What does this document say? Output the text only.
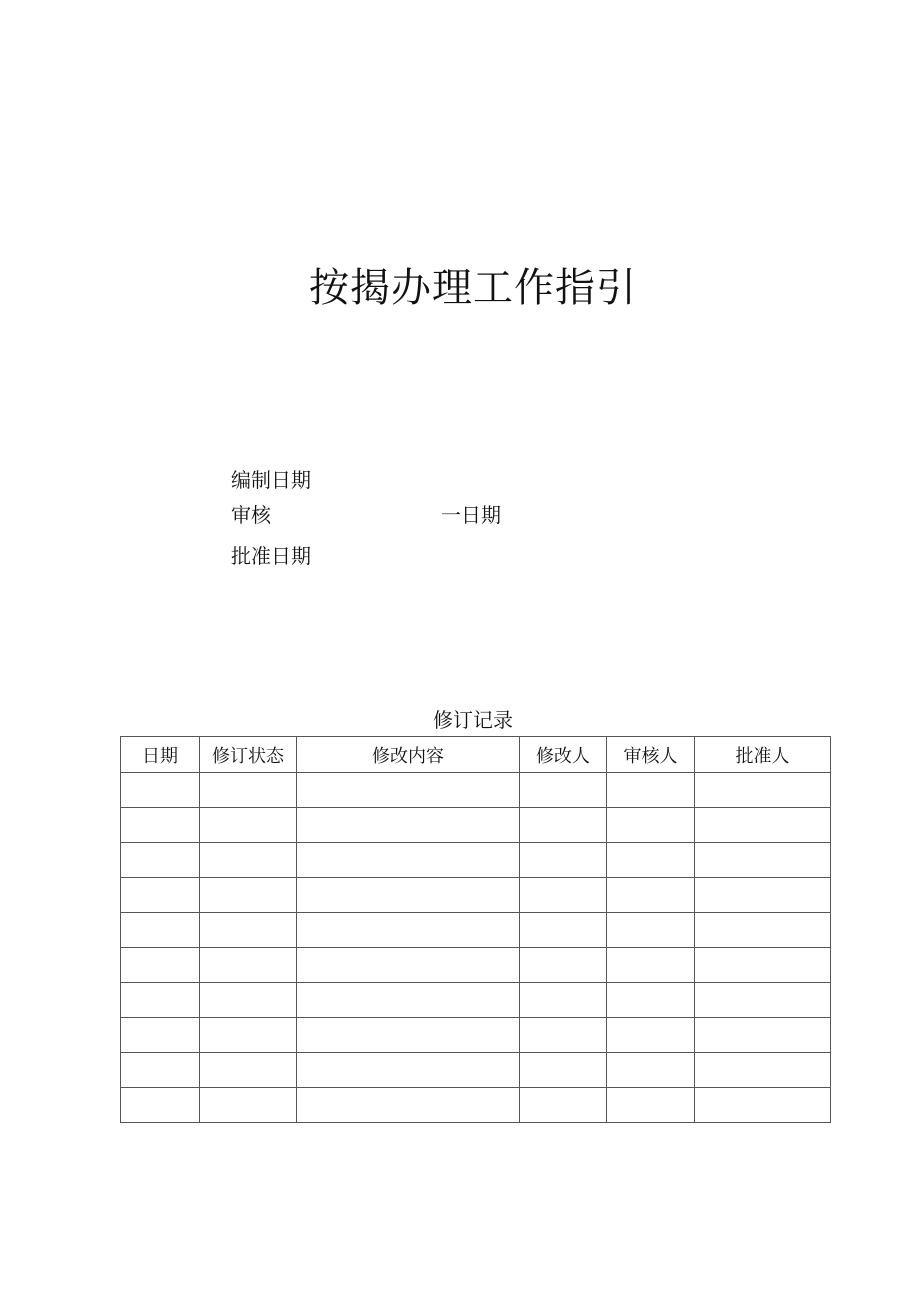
按揭办理工作指引
编制日期
审核	一日期
批准日期
修订记录
日期	修订状态	修改内容	修改人	审核人	批准人
